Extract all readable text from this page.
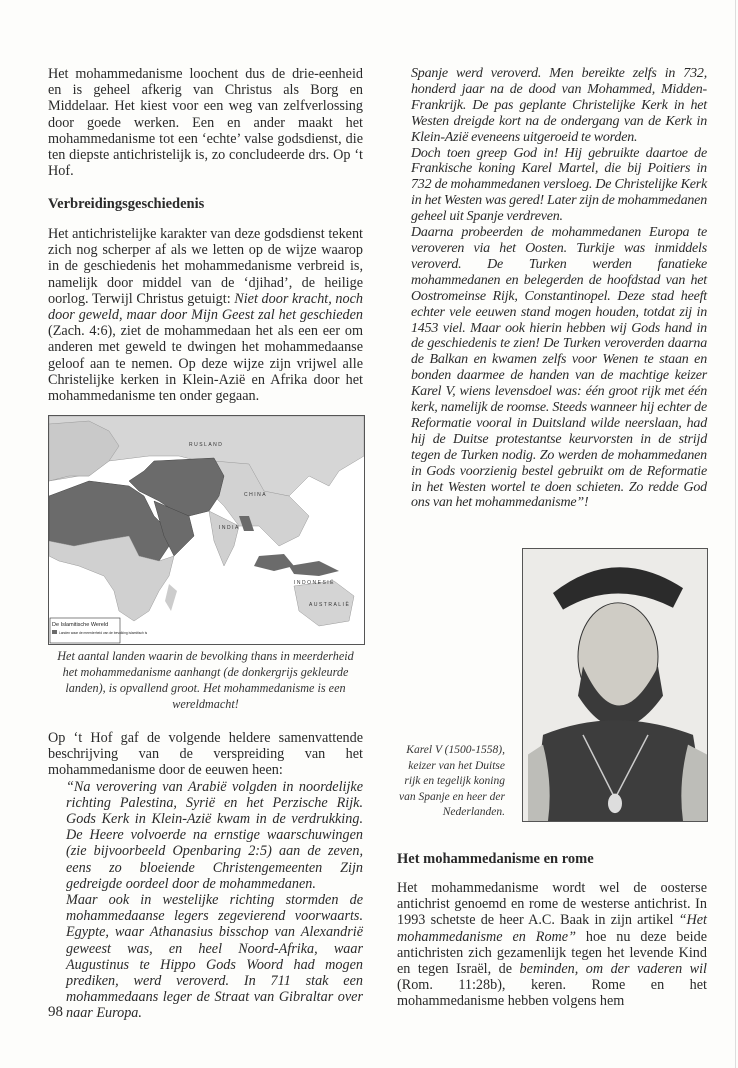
Het mohammedanisme loochent dus de drie-eenheid en is geheel afkerig van Christus als Borg en Middelaar. Het kiest voor een weg van zelfverlossing door goede werken. Een en ander maakt het mohammedanisme tot een ‘echte’ valse godsdienst, die ten diepste antichristelijk is, zo concludeerde drs. Op ‘t Hof.

Verbreidingsgeschiedenis

Het antichristelijke karakter van deze godsdienst tekent zich nog scherper af als we letten op de wijze waarop in de geschiedenis het mohammedanisme verbreid is, namelijk door middel van de ‘djihad’, de heilige oorlog. Terwijl Christus getuigt: Niet door kracht, noch door geweld, maar door Mijn Geest zal het geschieden (Zach. 4:6), ziet de mohammedaan het als een eer om anderen met geweld te dwingen het mohammedaanse geloof aan te nemen. Op deze wijze zijn vrijwel alle Christelijke kerken in Klein-Azië en Afrika door het mohammedanisme ten onder gegaan.

RUSLAND
CHINA
INDIA
INDONESIË
AUSTRALIË
De Islamitische Wereld
Landen waar de meerderheid van de bevolking islamitisch is
Het aantal landen waarin de bevolking thans in meerderheid het mohammedanisme aanhangt (de donkergrijs gekleurde landen), is opvallend groot. Het mohammedanisme is een wereldmacht!

Op ‘t Hof gaf de volgende heldere samenvattende beschrijving van de verspreiding van het mohammedanisme door de eeuwen heen:

“Na verovering van Arabië volgden in noordelijke richting Palestina, Syrië en het Perzische Rijk. Gods Kerk in Klein-Azië kwam in de verdrukking. De Heere volvoerde na ernstige waarschuwingen (zie bijvoorbeeld Openbaring 2:5) aan de zeven, eens zo bloeiende Christengemeenten Zijn gedreigde oordeel door de mohammedanen.

Maar ook in westelijke richting stormden de mohammedaanse legers zegevierend voorwaarts. Egypte, waar Athanasius bisschop van Alexandrië geweest was, en heel Noord-Afrika, waar Augustinus te Hippo Gods Woord had mogen prediken, werd veroverd. In 711 stak een mohammedaans leger de Straat van Gibraltar over naar Europa.

98

Spanje werd veroverd. Men bereikte zelfs in 732, honderd jaar na de dood van Mohammed, Midden-Frankrijk. De pas geplante Christelijke Kerk in het Westen dreigde kort na de ondergang van de Kerk in Klein-Azië eveneens uitgeroeid te worden.

Doch toen greep God in! Hij gebruikte daartoe de Frankische koning Karel Martel, die bij Poitiers in 732 de mohammedanen versloeg. De Christelijke Kerk in het Westen was gered! Later zijn de mohammedanen geheel uit Spanje verdreven.

Daarna probeerden de mohammedanen Europa te veroveren via het Oosten. Turkije was inmiddels veroverd. De Turken werden fanatieke mohammedanen en belegerden de hoofdstad van het Oostromeinse Rijk, Constantinopel. Deze stad heeft echter vele eeuwen stand mogen houden, totdat zij in 1453 viel. Maar ook hierin hebben wij Gods hand in de geschiedenis te zien! De Turken veroverden daarna de Balkan en kwamen zelfs voor Wenen te staan en bonden daarmee de handen van de machtige keizer Karel V, wiens levensdoel was: één groot rijk met één kerk, namelijk de roomse. Steeds wanneer hij echter de Reformatie vooral in Duitsland wilde neerslaan, had hij de Duitse protestantse keurvorsten in de strijd tegen de Turken nodig. Zo werden de mohammedanen in Gods voorzienig bestel gebruikt om de Reformatie in het Westen wortel te doen schieten. Zo redde God ons van het mohammedanisme”!

Karel V (1500-1558), keizer van het Duitse rijk en tegelijk koning van Spanje en heer der Nederlanden.
Het mohammedanisme en rome

Het mohammedanisme wordt wel de oosterse antichrist genoemd en rome de westerse antichrist. In 1993 schetste de heer A.C. Baak in zijn artikel “Het mohammedanisme en Rome” hoe nu deze beide antichristen zich gezamenlijk tegen het levende Kind en tegen Israël, de beminden, om der vaderen wil (Rom. 11:28b), keren. Rome en het mohammedanisme hebben volgens hem
